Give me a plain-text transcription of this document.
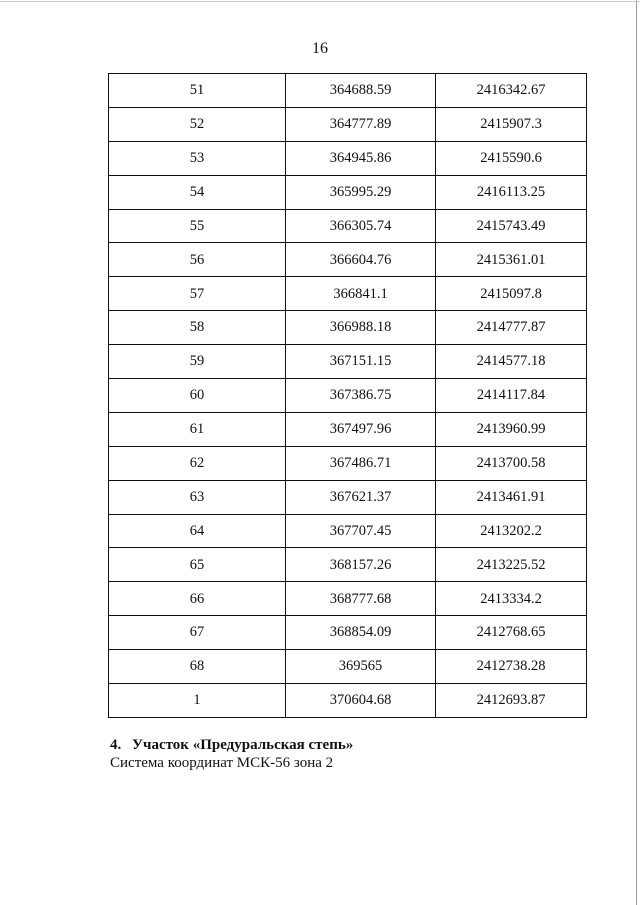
16
51	364688.59	2416342.67
52	364777.89	2415907.3
53	364945.86	2415590.6
54	365995.29	2416113.25
55	366305.74	2415743.49
56	366604.76	2415361.01
57	366841.1	2415097.8
58	366988.18	2414777.87
59	367151.15	2414577.18
60	367386.75	2414117.84
61	367497.96	2413960.99
62	367486.71	2413700.58
63	367621.37	2413461.91
64	367707.45	2413202.2
65	368157.26	2413225.52
66	368777.68	2413334.2
67	368854.09	2412768.65
68	369565	2412738.28
1	370604.68	2412693.87
4. Участок «Предуральская степь»
Система координат МСК-56 зона 2
